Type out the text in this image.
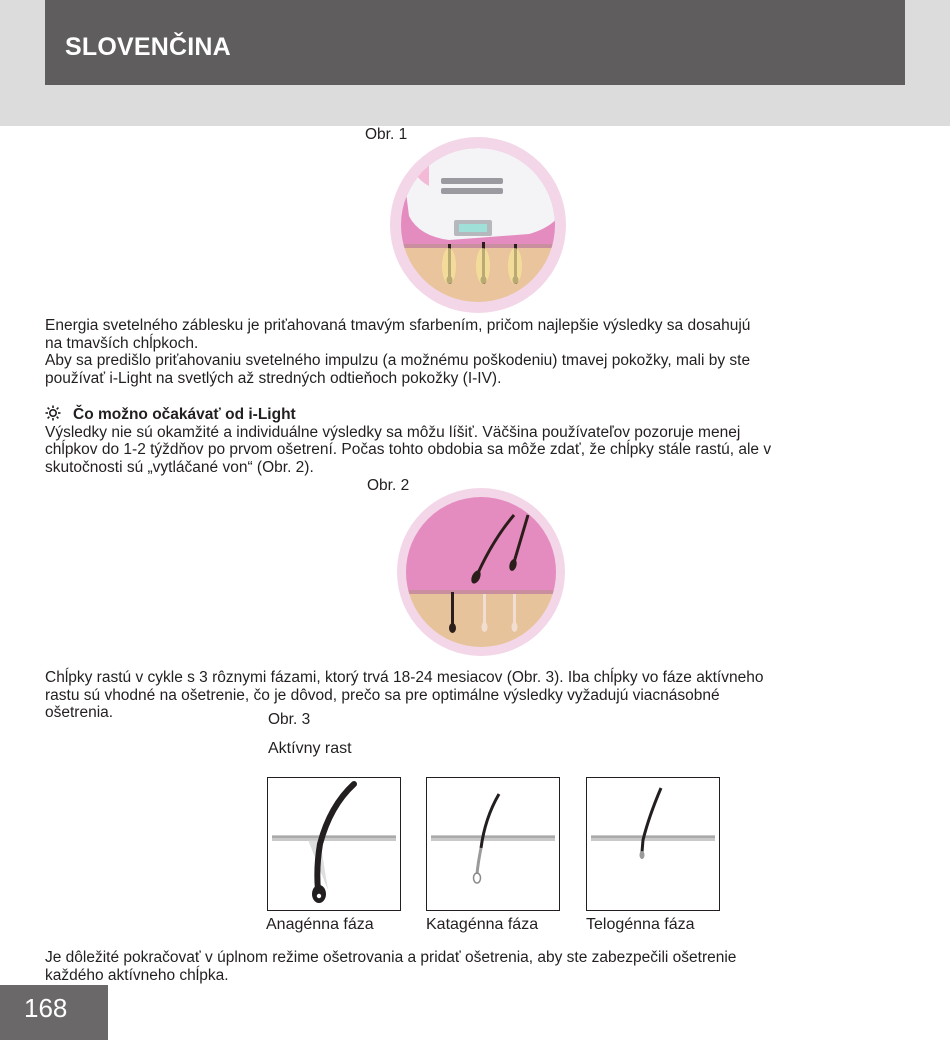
SLOVENČINA
Obr. 1

Energia svetelného záblesku je priťahovaná tmavým sfarbením, pričom najlepšie výsledky sa dosahujú

na tmavších chĺpkoch.

Aby sa predišlo priťahovaniu svetelného impulzu (a možnému poškodeniu) tmavej pokožky, mali by ste

používať i-Light na svetlých až stredných odtieňoch pokožky (I-IV).

Čo možno očakávať od i-Light

Výsledky nie sú okamžité a individuálne výsledky sa môžu líšiť. Väčšina používateľov pozoruje menej

chĺpkov do 1-2 týždňov po prvom ošetrení. Počas tohto obdobia sa môže zdať, že chĺpky stále rastú, ale v

skutočnosti sú „vytláčané von“ (Obr. 2).

Obr. 2

Chĺpky rastú v cykle s 3 rôznymi fázami, ktorý trvá 18-24 mesiacov (Obr. 3). Iba chĺpky vo fáze aktívneho

rastu sú vhodné na ošetrenie, čo je dôvod, prečo sa pre optimálne výsledky vyžadujú viacnásobné

ošetrenia.	Obr. 3
Aktívny rast
Anagénna fáza	Katagénna fáza	Telogénna fáza

Je dôležité pokračovať v úplnom režime ošetrovania a pridať ošetrenia, aby ste zabezpečili ošetrenie

každého aktívneho chĺpka.

168
